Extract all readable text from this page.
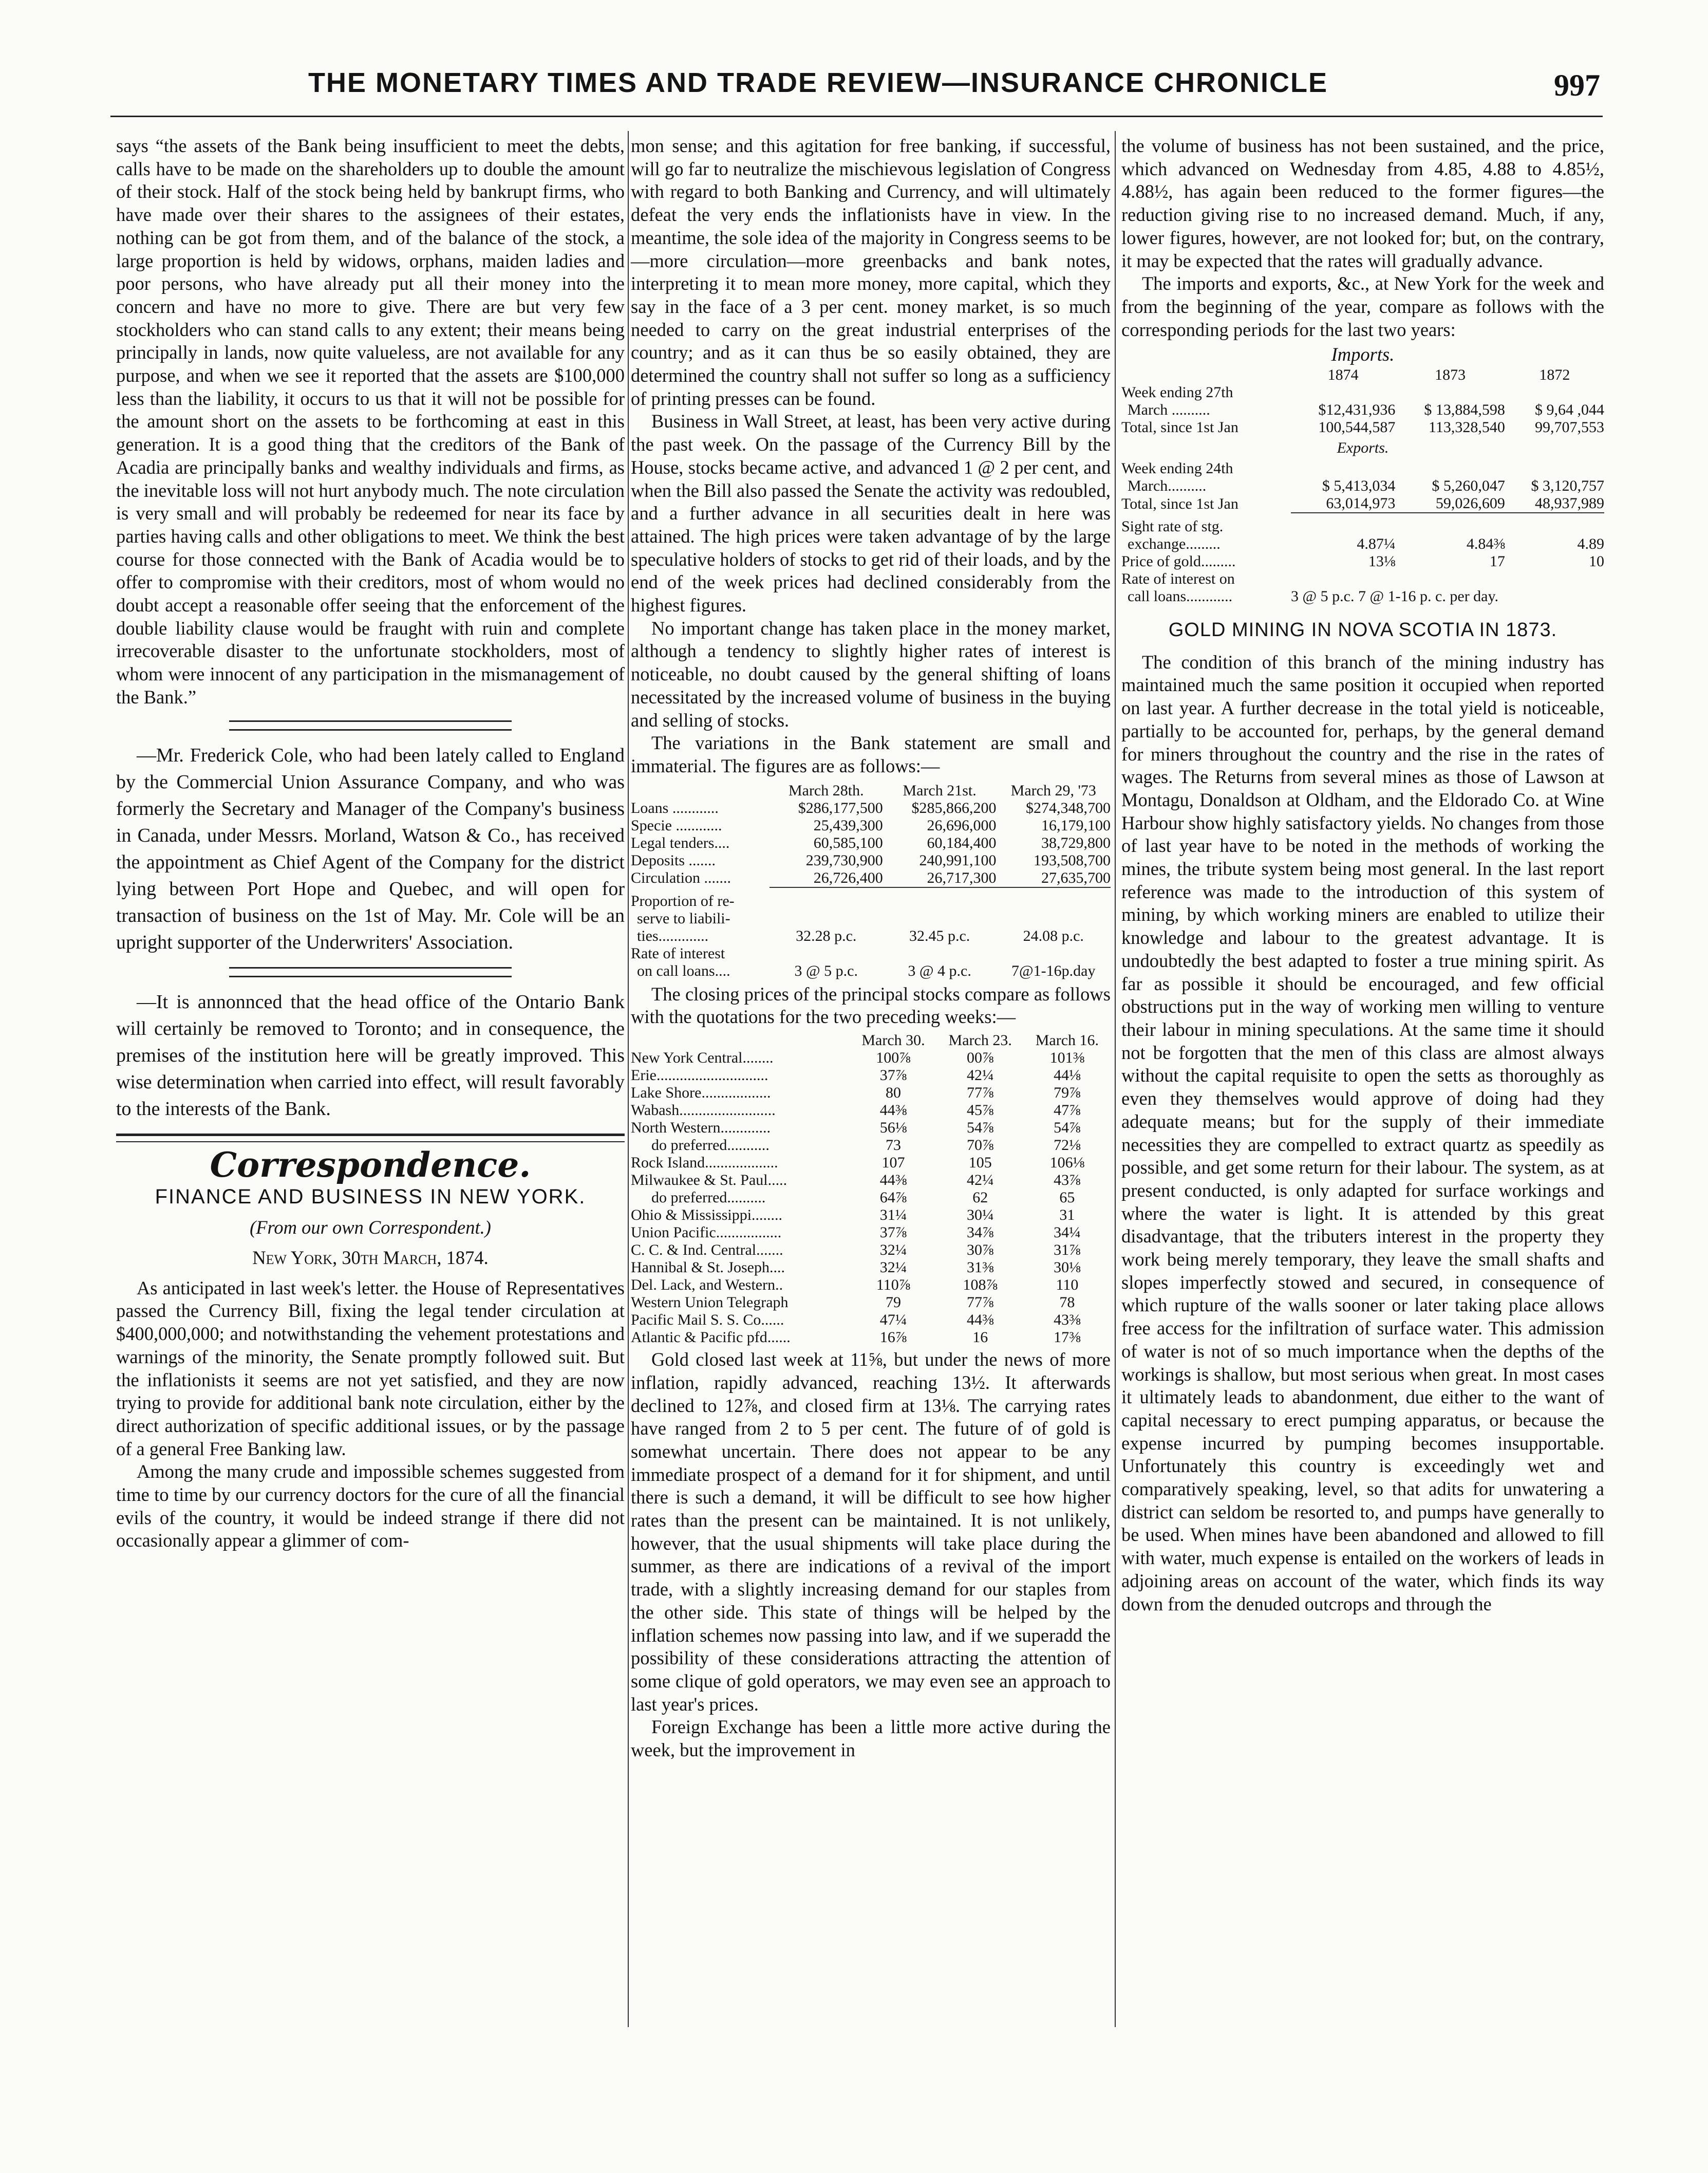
THE MONETARY TIMES AND TRADE REVIEW—INSURANCE CHRONICLE	997

says “the assets of the Bank being insufficient to meet the debts, calls have to be made on the shareholders up to double the amount of their stock. Half of the stock being held by bankrupt firms, who have made over their shares to the assignees of their estates, nothing can be got from them, and of the balance of the stock, a large proportion is held by widows, orphans, maiden ladies and poor persons, who have already put all their money into the concern and have no more to give. There are but very few stockholders who can stand calls to any extent; their means being principally in lands, now quite valueless, are not available for any purpose, and when we see it reported that the assets are $100,000 less than the liability, it occurs to us that it will not be possible for the amount short on the assets to be forthcoming at east in this generation. It is a good thing that the creditors of the Bank of Acadia are principally banks and wealthy individuals and firms, as the inevitable loss will not hurt anybody much. The note circulation is very small and will probably be redeemed for near its face by parties having calls and other obligations to meet. We think the best course for those connected with the Bank of Acadia would be to offer to compromise with their creditors, most of whom would no doubt accept a reasonable offer seeing that the enforcement of the double liability clause would be fraught with ruin and complete irrecoverable disaster to the unfortunate stockholders, most of whom were innocent of any participation in the mismanagement of the Bank.”

—Mr. Frederick Cole, who had been lately called to England by the Commercial Union Assurance Company, and who was formerly the Secretary and Manager of the Company's business in Canada, under Messrs. Morland, Watson & Co., has received the appointment as Chief Agent of the Company for the district lying between Port Hope and Quebec, and will open for transaction of business on the 1st of May. Mr. Cole will be an upright supporter of the Underwriters' Association.

—It is annonnced that the head office of the Ontario Bank will certainly be removed to Toronto; and in consequence, the premises of the institution here will be greatly improved. This wise determination when carried into effect, will result favorably to the interests of the Bank.

Correspondence.
FINANCE AND BUSINESS IN NEW YORK.
(From our own Correspondent.)
New York, 30th March, 1874.

As anticipated in last week's letter. the House of Representatives passed the Currency Bill, fixing the legal tender circulation at $400,000,000; and notwithstanding the vehement protestations and warnings of the minority, the Senate promptly followed suit. But the inflationists it seems are not yet satisfied, and they are now trying to provide for additional bank note circulation, either by the direct authorization of specific additional issues, or by the passage of a general Free Banking law.

Among the many crude and impossible schemes suggested from time to time by our currency doctors for the cure of all the financial evils of the country, it would be indeed strange if there did not occasionally appear a glimmer of com-

mon sense; and this agitation for free banking, if successful, will go far to neutralize the mischievous legislation of Congress with regard to both Banking and Currency, and will ultimately defeat the very ends the inflationists have in view. In the meantime, the sole idea of the majority in Congress seems to be—more circulation—more greenbacks and bank notes, interpreting it to mean more money, more capital, which they say in the face of a 3 per cent. money market, is so much needed to carry on the great industrial enterprises of the country; and as it can thus be so easily obtained, they are determined the country shall not suffer so long as a sufficiency of printing presses can be found.

Business in Wall Street, at least, has been very active during the past week. On the passage of the Currency Bill by the House, stocks became active, and advanced 1 @ 2 per cent, and when the Bill also passed the Senate the activity was redoubled, and a further advance in all securities dealt in here was attained. The high prices were taken advantage of by the large speculative holders of stocks to get rid of their loads, and by the end of the week prices had declined considerably from the highest figures.

No important change has taken place in the money market, although a tendency to slightly higher rates of interest is noticeable, no doubt caused by the general shifting of loans necessitated by the increased volume of business in the buying and selling of stocks.

The variations in the Bank statement are small and immaterial. The figures are as follows:—

	March 28th.	March 21st.	March 29, '73
Loans ............	$286,177,500	$285,866,200	$274,348,700
Specie ............	25,439,300	26,696,000	16,179,100
Legal tenders....	60,585,100	60,184,400	38,729,800
Deposits .......	239,730,900	240,991,100	193,508,700
Circulation .......	26,726,400	26,717,300	27,635,700
Proportion of re-			
serve to liabili-			
ties.............	32.28 p.c.	32.45 p.c.	24.08 p.c.
Rate of interest			
on call loans....	3 @ 5 p.c.	3 @ 4 p.c.	7@1-16p.day

The closing prices of the principal stocks compare as follows with the quotations for the two preceding weeks:—

	March 30.	March 23.	March 16.
New York Central........	100⅞	00⅞	101⅜
Erie.............................	37⅞	42¼	44⅛
Lake Shore..................	80	77⅞	79⅞
Wabash.........................	44⅜	45⅞	47⅞
North Western.............	56⅛	54⅞	54⅞
do preferred...........	73	70⅞	72⅛
Rock Island...................	107	105	106⅛
Milwaukee & St. Paul.....	44⅜	42¼	43⅞
do preferred..........	64⅞	62	65
Ohio & Mississippi........	31¼	30¼	31
Union Pacific.................	37⅞	34⅞	34¼
C. C. & Ind. Central.......	32¼	30⅞	31⅞
Hannibal & St. Joseph....	32¼	31⅜	30⅛
Del. Lack, and Western..	110⅞	108⅞	110
Western Union Telegraph	79	77⅞	78
Pacific Mail S. S. Co......	47¼	44⅜	43⅜
Atlantic & Pacific pfd......	16⅞	16	17⅜

Gold closed last week at 11⅝, but under the news of more inflation, rapidly advanced, reaching 13½. It afterwards declined to 12⅞, and closed firm at 13⅛. The carrying rates have ranged from 2 to 5 per cent. The future of of gold is somewhat uncertain. There does not appear to be any immediate prospect of a demand for it for shipment, and until there is such a demand, it will be difficult to see how higher rates than the present can be maintained. It is not unlikely, however, that the usual shipments will take place during the summer, as there are indications of a revival of the import trade, with a slightly increasing demand for our staples from the other side. This state of things will be helped by the inflation schemes now passing into law, and if we superadd the possibility of these considerations attracting the attention of some clique of gold operators, we may even see an approach to last year's prices.

Foreign Exchange has been a little more active during the week, but the improvement in

the volume of business has not been sustained, and the price, which advanced on Wednesday from 4.85, 4.88 to 4.85½, 4.88½, has again been reduced to the former figures—the reduction giving rise to no increased demand. Much, if any, lower figures, however, are not looked for; but, on the contrary, it may be expected that the rates will gradually advance.

The imports and exports, &c., at New York for the week and from the beginning of the year, compare as follows with the corresponding periods for the last two years:

Imports.
	1874	1873	1872
Week ending 27th			
March ..........	$12,431,936	$ 13,884,598	$ 9,64 ,044
Total, since 1st Jan	100,544,587	113,328,540	99,707,553
Exports.			
Week ending 24th			
March..........	$ 5,413,034	$ 5,260,047	$ 3,120,757
Total, since 1st Jan	63,014,973	59,026,609	48,937,989
Sight rate of stg.			
exchange.........	4.87¼	4.84⅜	4.89
Price of gold.........	13⅛	17	10
Rate of interest on			
call loans............	3 @ 5 p.c. 7 @ 1-16 p. c. per day.		
GOLD MINING IN NOVA SCOTIA IN 1873.

The condition of this branch of the mining industry has maintained much the same position it occupied when reported on last year. A further decrease in the total yield is noticeable, partially to be accounted for, perhaps, by the general demand for miners throughout the country and the rise in the rates of wages. The Returns from several mines as those of Lawson at Montagu, Donaldson at Oldham, and the Eldorado Co. at Wine Harbour show highly satisfactory yields. No changes from those of last year have to be noted in the methods of working the mines, the tribute system being most general. In the last report reference was made to the introduction of this system of mining, by which working miners are enabled to utilize their knowledge and labour to the greatest advantage. It is undoubtedly the best adapted to foster a true mining spirit. As far as possible it should be encouraged, and few official obstructions put in the way of working men willing to venture their labour in mining speculations. At the same time it should not be forgotten that the men of this class are almost always without the capital requisite to open the setts as thoroughly as even they themselves would approve of doing had they adequate means; but for the supply of their immediate necessities they are compelled to extract quartz as speedily as possible, and get some return for their labour. The system, as at present conducted, is only adapted for surface workings and where the water is light. It is attended by this great disadvantage, that the tributers interest in the property they work being merely temporary, they leave the small shafts and slopes imperfectly stowed and secured, in consequence of which rupture of the walls sooner or later taking place allows free access for the infiltration of surface water. This admission of water is not of so much importance when the depths of the workings is shallow, but most serious when great. In most cases it ultimately leads to abandonment, due either to the want of capital necessary to erect pumping apparatus, or because the expense incurred by pumping becomes insupportable. Unfortunately this country is exceedingly wet and comparatively speaking, level, so that adits for unwatering a district can seldom be resorted to, and pumps have generally to be used. When mines have been abandoned and allowed to fill with water, much expense is entailed on the workers of leads in adjoining areas on account of the water, which finds its way down from the denuded outcrops and through the
